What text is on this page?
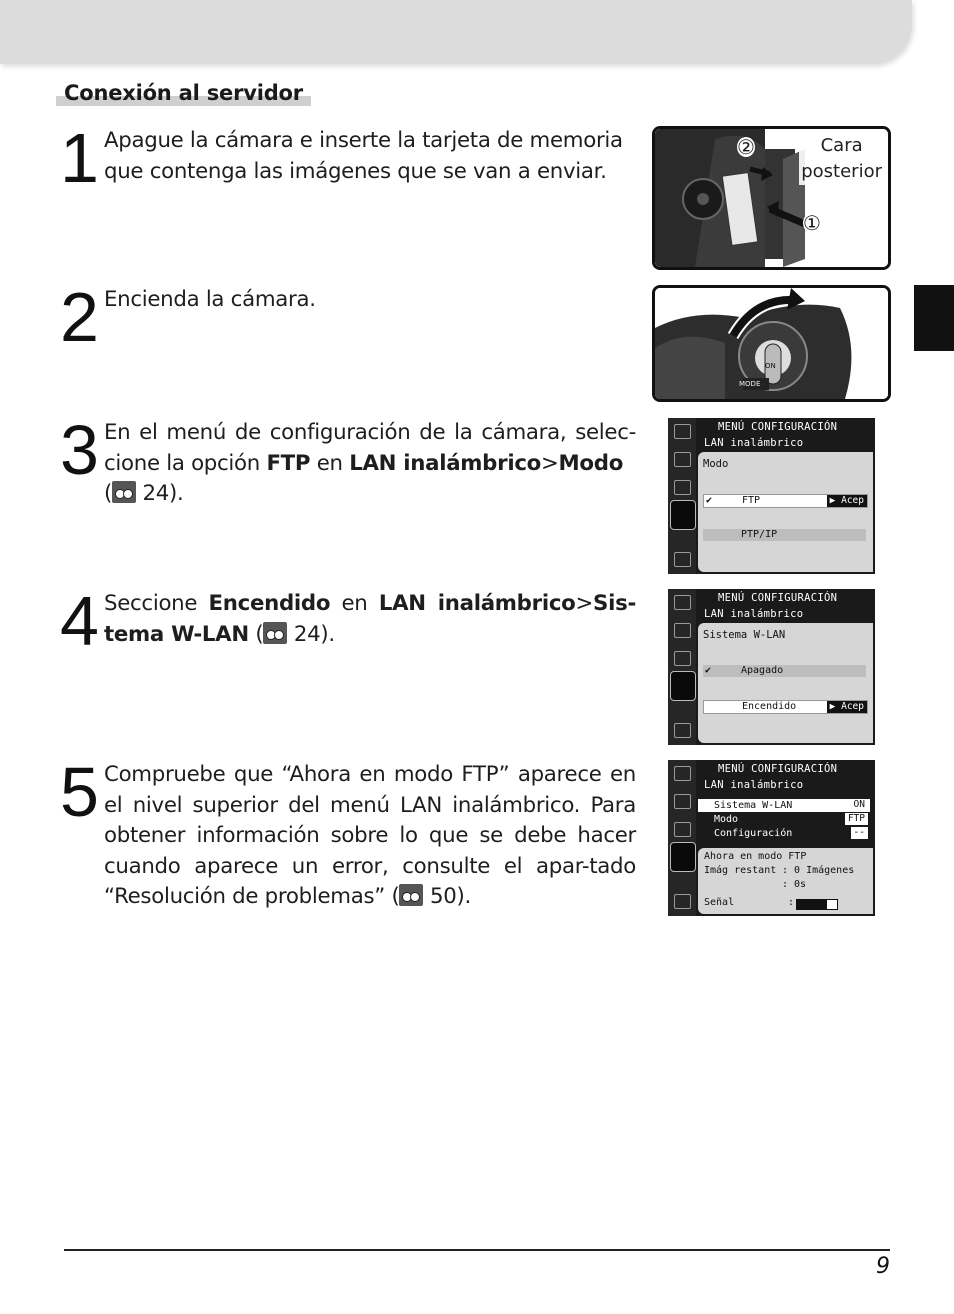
Conexión al servidor
1 Apague la cámara e inserte la tarjeta de memoria que contenga las imágenes que se van a enviar.
2 Encienda la cámara.
3 En el menú de configuración de la cámara, selec-cione la opción FTP en LAN inalámbrico>Modo
( 24).
4 Seccione Encendido en LAN inalámbrico>Sis-tema W-LAN ( 24).
5 Compruebe que “Ahora en modo FTP” aparece en el nivel superior del menú LAN inalámbrico. Para obtener información sobre lo que se debe hacer cuando aparece un error, consulte el apar-tado “Resolución de problemas” ( 50).
Cara
posterior
②
①
ON
MODE
MENÚ CONFIGURACIÓN
LAN inalámbrico
Modo
✔	FTP	▶ Acep
PTP/IP
MENÚ CONFIGURACIÓN
LAN inalámbrico
Sistema W-LAN
✔	Apagado
Encendido	▶ Acep
MENÚ CONFIGURACIÓN
LAN inalámbrico
Sistema W-LAN	ON
Modo	FTP
Configuración	--
Ahora en modo FTP
Imág restant : 0 Imágenes
: 0s
Señal	:
9
